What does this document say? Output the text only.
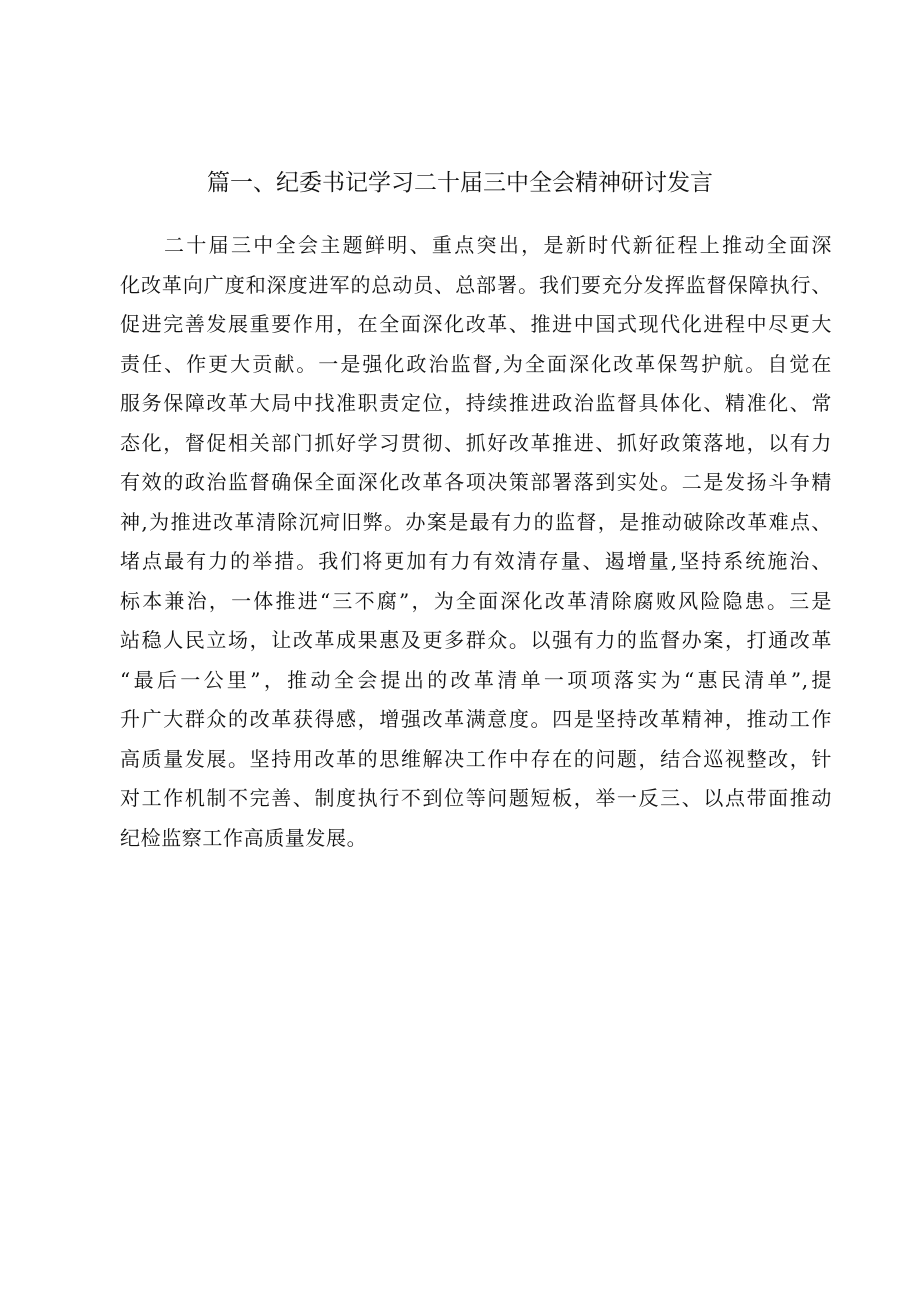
篇一、纪委书记学习二十届三中全会精神研讨发言
二十届三中全会主题鲜明、重点突出，是新时代新征程上推动全面深
化改革向广度和深度进军的总动员、总部署。我们要充分发挥监督保障执行、
促进完善发展重要作用，在全面深化改革、推进中国式现代化进程中尽更大
责任、作更大贡献。一是强化政治监督,为全面深化改革保驾护航。自觉在
服务保障改革大局中找准职责定位，持续推进政治监督具体化、精准化、常
态化，督促相关部门抓好学习贯彻、抓好改革推进、抓好政策落地，以有力
有效的政治监督确保全面深化改革各项决策部署落到实处。二是发扬斗争精
神,为推进改革清除沉疴旧弊。办案是最有力的监督，是推动破除改革难点、
堵点最有力的举措。我们将更加有力有效清存量、遏增量,坚持系统施治、
标本兼治，一体推进“三不腐”，为全面深化改革清除腐败风险隐患。三是
站稳人民立场，让改革成果惠及更多群众。以强有力的监督办案，打通改革
“最后一公里”，推动全会提出的改革清单一项项落实为“惠民清单”,提
升广大群众的改革获得感，增强改革满意度。四是坚持改革精神，推动工作
高质量发展。坚持用改革的思维解决工作中存在的问题，结合巡视整改，针
对工作机制不完善、制度执行不到位等问题短板，举一反三、以点带面推动
纪检监察工作高质量发展。
